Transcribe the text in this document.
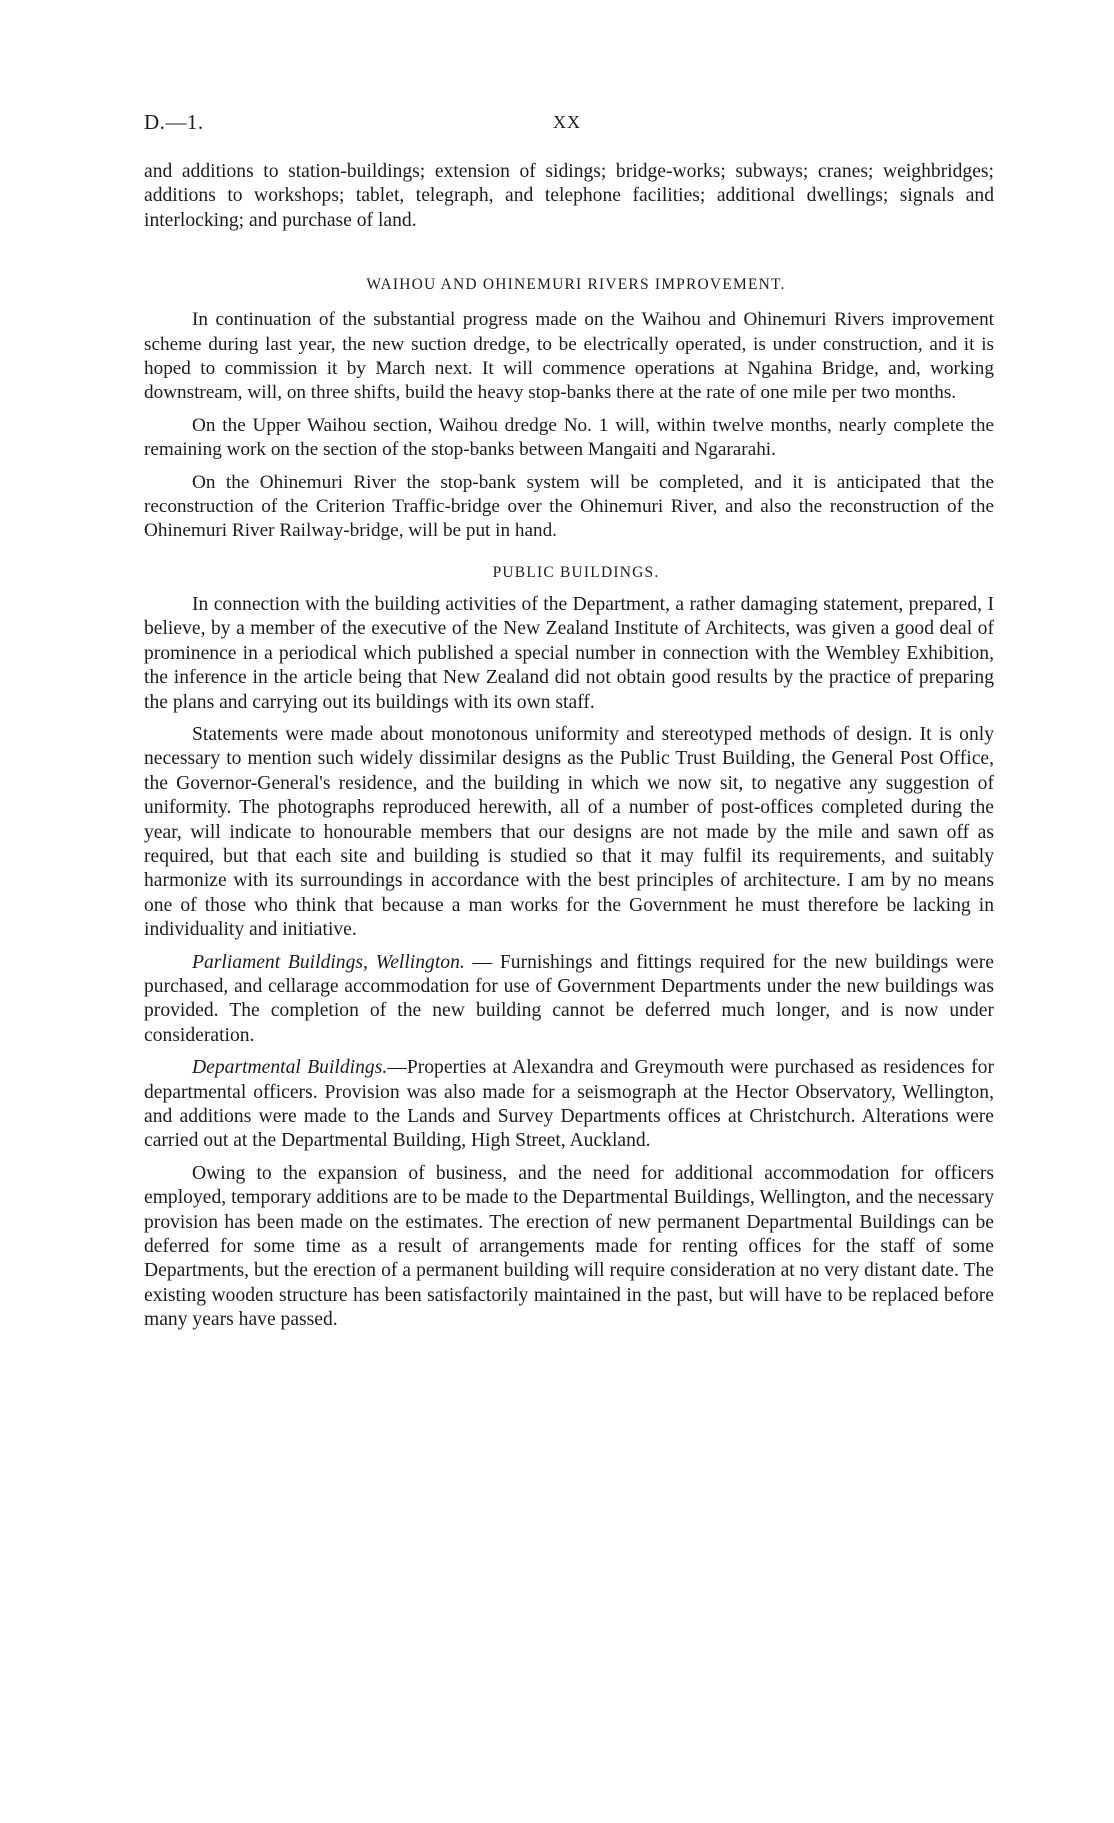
D.—1.	XX

and additions to station-buildings; extension of sidings; bridge-works; subways; cranes; weighbridges; additions to workshops; tablet, telegraph, and telephone facilities; additional dwellings; signals and interlocking; and purchase of land.

WAIHOU AND OHINEMURI RIVERS IMPROVEMENT.

In continuation of the substantial progress made on the Waihou and Ohinemuri Rivers improvement scheme during last year, the new suction dredge, to be electrically operated, is under construction, and it is hoped to commission it by March next. It will commence operations at Ngahina Bridge, and, working downstream, will, on three shifts, build the heavy stop-banks there at the rate of one mile per two months.

On the Upper Waihou section, Waihou dredge No. 1 will, within twelve months, nearly complete the remaining work on the section of the stop-banks between Mangaiti and Ngararahi.

On the Ohinemuri River the stop-bank system will be completed, and it is anticipated that the reconstruction of the Criterion Traffic-bridge over the Ohinemuri River, and also the reconstruction of the Ohinemuri River Railway-bridge, will be put in hand.

PUBLIC BUILDINGS.

In connection with the building activities of the Department, a rather damaging statement, prepared, I believe, by a member of the executive of the New Zealand Institute of Architects, was given a good deal of prominence in a periodical which published a special number in connection with the Wembley Exhibition, the inference in the article being that New Zealand did not obtain good results by the practice of preparing the plans and carrying out its buildings with its own staff.

Statements were made about monotonous uniformity and stereotyped methods of design. It is only necessary to mention such widely dissimilar designs as the Public Trust Building, the General Post Office, the Governor-General's residence, and the building in which we now sit, to negative any suggestion of uniformity. The photographs reproduced herewith, all of a number of post-offices completed during the year, will indicate to honourable members that our designs are not made by the mile and sawn off as required, but that each site and building is studied so that it may fulfil its requirements, and suitably harmonize with its surroundings in accordance with the best principles of architecture. I am by no means one of those who think that because a man works for the Government he must therefore be lacking in individuality and initiative.

Parliament Buildings, Wellington. — Furnishings and fittings required for the new buildings were purchased, and cellarage accommodation for use of Government Departments under the new buildings was provided. The completion of the new building cannot be deferred much longer, and is now under consideration.

Departmental Buildings.—Properties at Alexandra and Greymouth were purchased as residences for departmental officers. Provision was also made for a seismograph at the Hector Observatory, Wellington, and additions were made to the Lands and Survey Departments offices at Christchurch. Alterations were carried out at the Departmental Building, High Street, Auckland.

Owing to the expansion of business, and the need for additional accommodation for officers employed, temporary additions are to be made to the Departmental Buildings, Wellington, and the necessary provision has been made on the estimates. The erection of new permanent Departmental Buildings can be deferred for some time as a result of arrangements made for renting offices for the staff of some Departments, but the erection of a permanent building will require consideration at no very distant date. The existing wooden structure has been satisfactorily maintained in the past, but will have to be replaced before many years have passed.
